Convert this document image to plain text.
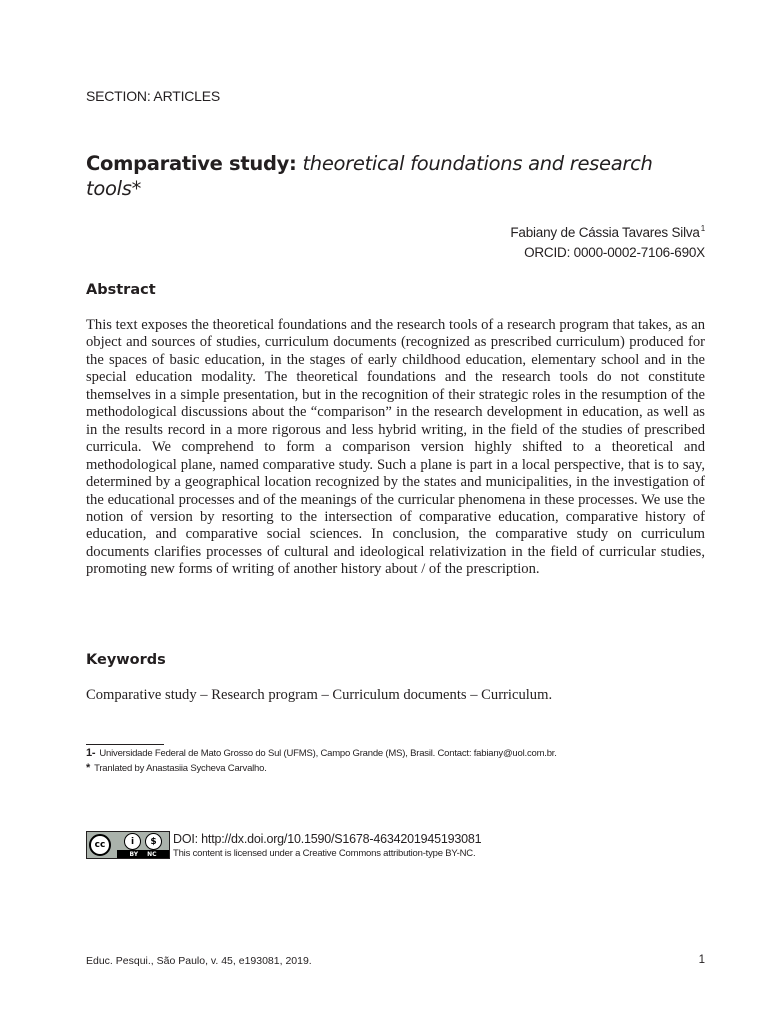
SECTION: ARTICLES
Comparative study: theoretical foundations and research tools*
Fabiany de Cássia Tavares Silva$^1$
ORCID: 0000-0002-7106-690X
Abstract
This text exposes the theoretical foundations and the research tools of a research program that takes, as an object and sources of studies, curriculum documents (recognized as prescribed curriculum) produced for the spaces of basic education, in the stages of early childhood education, elementary school and in the special education modality. The theoretical foundations and the research tools do not constitute themselves in a simple presentation, but in the recognition of their strategic roles in the resumption of the methodological discussions about the “comparison” in the research development in education, as well as in the results record in a more rigorous and less hybrid writing, in the field of the studies of prescribed curricula. We comprehend to form a comparison version highly shifted to a theoretical and methodological plane, named comparative study. Such a plane is part in a local perspective, that is to say, determined by a geographical location recognized by the states and municipalities, in the investigation of the educational processes and of the meanings of the curricular phenomena in these processes. We use the notion of version by resorting to the intersection of comparative education, comparative history of education, and comparative social sciences. In conclusion, the comparative study on curriculum documents clarifies processes of cultural and ideological relativization in the field of curricular studies, promoting new forms of writing of another history about / of the prescription.
Keywords
Comparative study – Research program – Curriculum documents – Curriculum.
1- Universidade Federal de Mato Grosso do Sul (UFMS), Campo Grande (MS), Brasil. Contact: fabiany@uol.com.br.
* Tranlated by Anastasiia Sycheva Carvalho.
cc	i	$
BY NC
DOI: http://dx.doi.org/10.1590/S1678-4634201945193081
This content is licensed under a Creative Commons attribution-type BY-NC.
Educ. Pesqui., São Paulo, v. 45, e193081, 2019.	1
